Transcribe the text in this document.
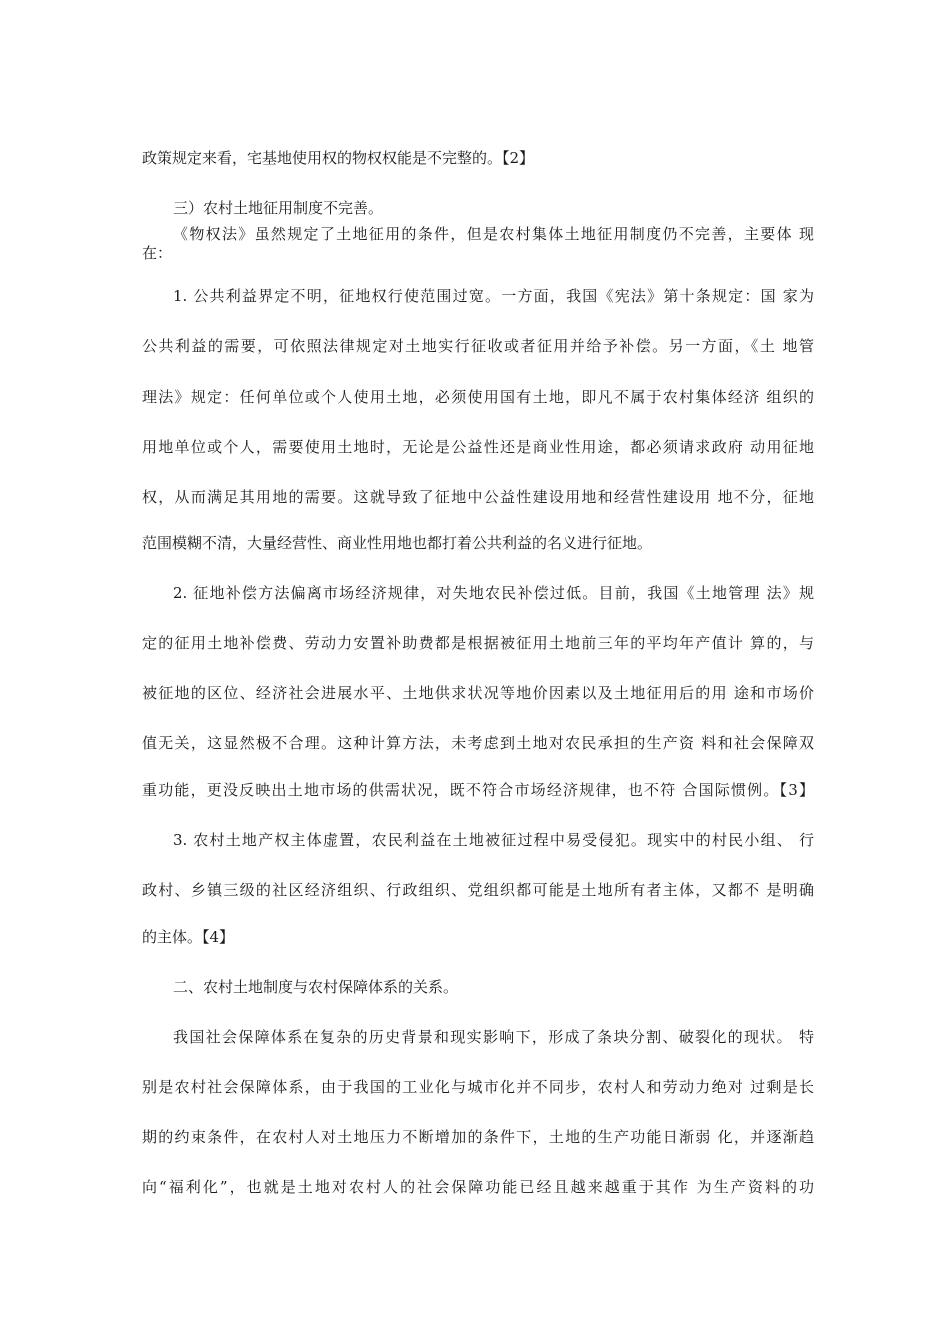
政策规定来看，宅基地使用权的物权权能是不完整的。【2】
三）农村土地征用制度不完善。
《物权法》虽然规定了土地征用的条件，但是农村集体土地征用制度仍不完善，主要体 现
在：
1. 公共利益界定不明，征地权行使范围过宽。一方面，我国《宪法》第十条规定：国 家为
公共利益的需要，可依照法律规定对土地实行征收或者征用并给予补偿。另一方面，《土 地管
理法》规定：任何单位或个人使用土地，必须使用国有土地，即凡不属于农村集体经济 组织的
用地单位或个人，需要使用土地时，无论是公益性还是商业性用途，都必须请求政府 动用征地
权，从而满足其用地的需要。这就导致了征地中公益性建设用地和经营性建设用 地不分，征地
范围模糊不清，大量经营性、商业性用地也都打着公共利益的名义进行征地。
2. 征地补偿方法偏离市场经济规律，对失地农民补偿过低。目前，我国《土地管理 法》规
定的征用土地补偿费、劳动力安置补助费都是根据被征用土地前三年的平均年产值计 算的，与
被征地的区位、经济社会进展水平、土地供求状况等地价因素以及土地征用后的用 途和市场价
值无关，这显然极不合理。这种计算方法，未考虑到土地对农民承担的生产资 料和社会保障双
重功能，更没反映出土地市场的供需状况，既不符合市场经济规律，也不符 合国际惯例。【3】
3. 农村土地产权主体虚置，农民利益在土地被征过程中易受侵犯。现实中的村民小组、 行
政村、乡镇三级的社区经济组织、行政组织、党组织都可能是土地所有者主体，又都不 是明确
的主体。【4】
二、农村土地制度与农村保障体系的关系。
我国社会保障体系在复杂的历史背景和现实影响下，形成了条块分割、破裂化的现状。 特
别是农村社会保障体系，由于我国的工业化与城市化并不同步，农村人和劳动力绝对 过剩是长
期的约束条件，在农村人对土地压力不断增加的条件下，土地的生产功能日渐弱 化，并逐渐趋
向“福利化”，也就是土地对农村人的社会保障功能已经且越来越重于其作 为生产资料的功
